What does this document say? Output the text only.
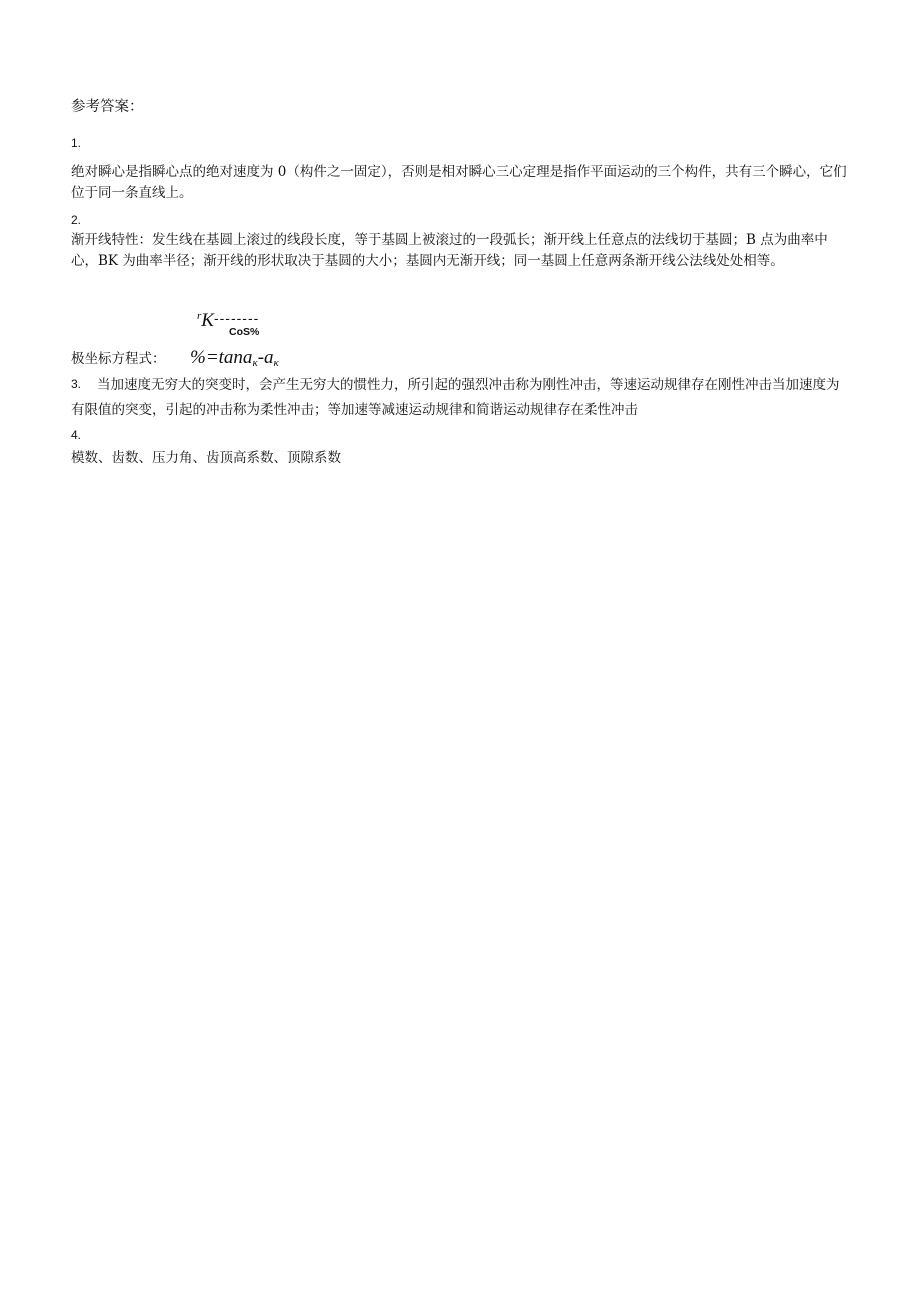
参考答案：
1.
绝对瞬心是指瞬心点的绝对速度为 0（构件之一固定），否则是相对瞬心三心定理是指作平面运动的三个构件，共有三个瞬心，它们位于同一条直线上。
2.
渐开线特性：发生线在基圆上滚过的线段长度，等于基圆上被滚过的一段弧长；渐开线上任意点的法线切于基圆；B 点为曲率中心，BK 为曲率半径；渐开线的形状取决于基圆的大小；基圆内无渐开线；同一基圆上任意两条渐开线公法线处处相等。
$^r$K--------
CoS%
极坐标方程式： $\%=\tan a_\kappa-a_\kappa$
3.	当加速度无穷大的突变时，会产生无穷大的惯性力，所引起的强烈冲击称为刚性冲击，等速运动规律存在刚性冲击当加速度为有限值的突变，引起的冲击称为柔性冲击；等加速等减速运动规律和简谐运动规律存在柔性冲击
4.
模数、齿数、压力角、齿顶高系数、顶隙系数
